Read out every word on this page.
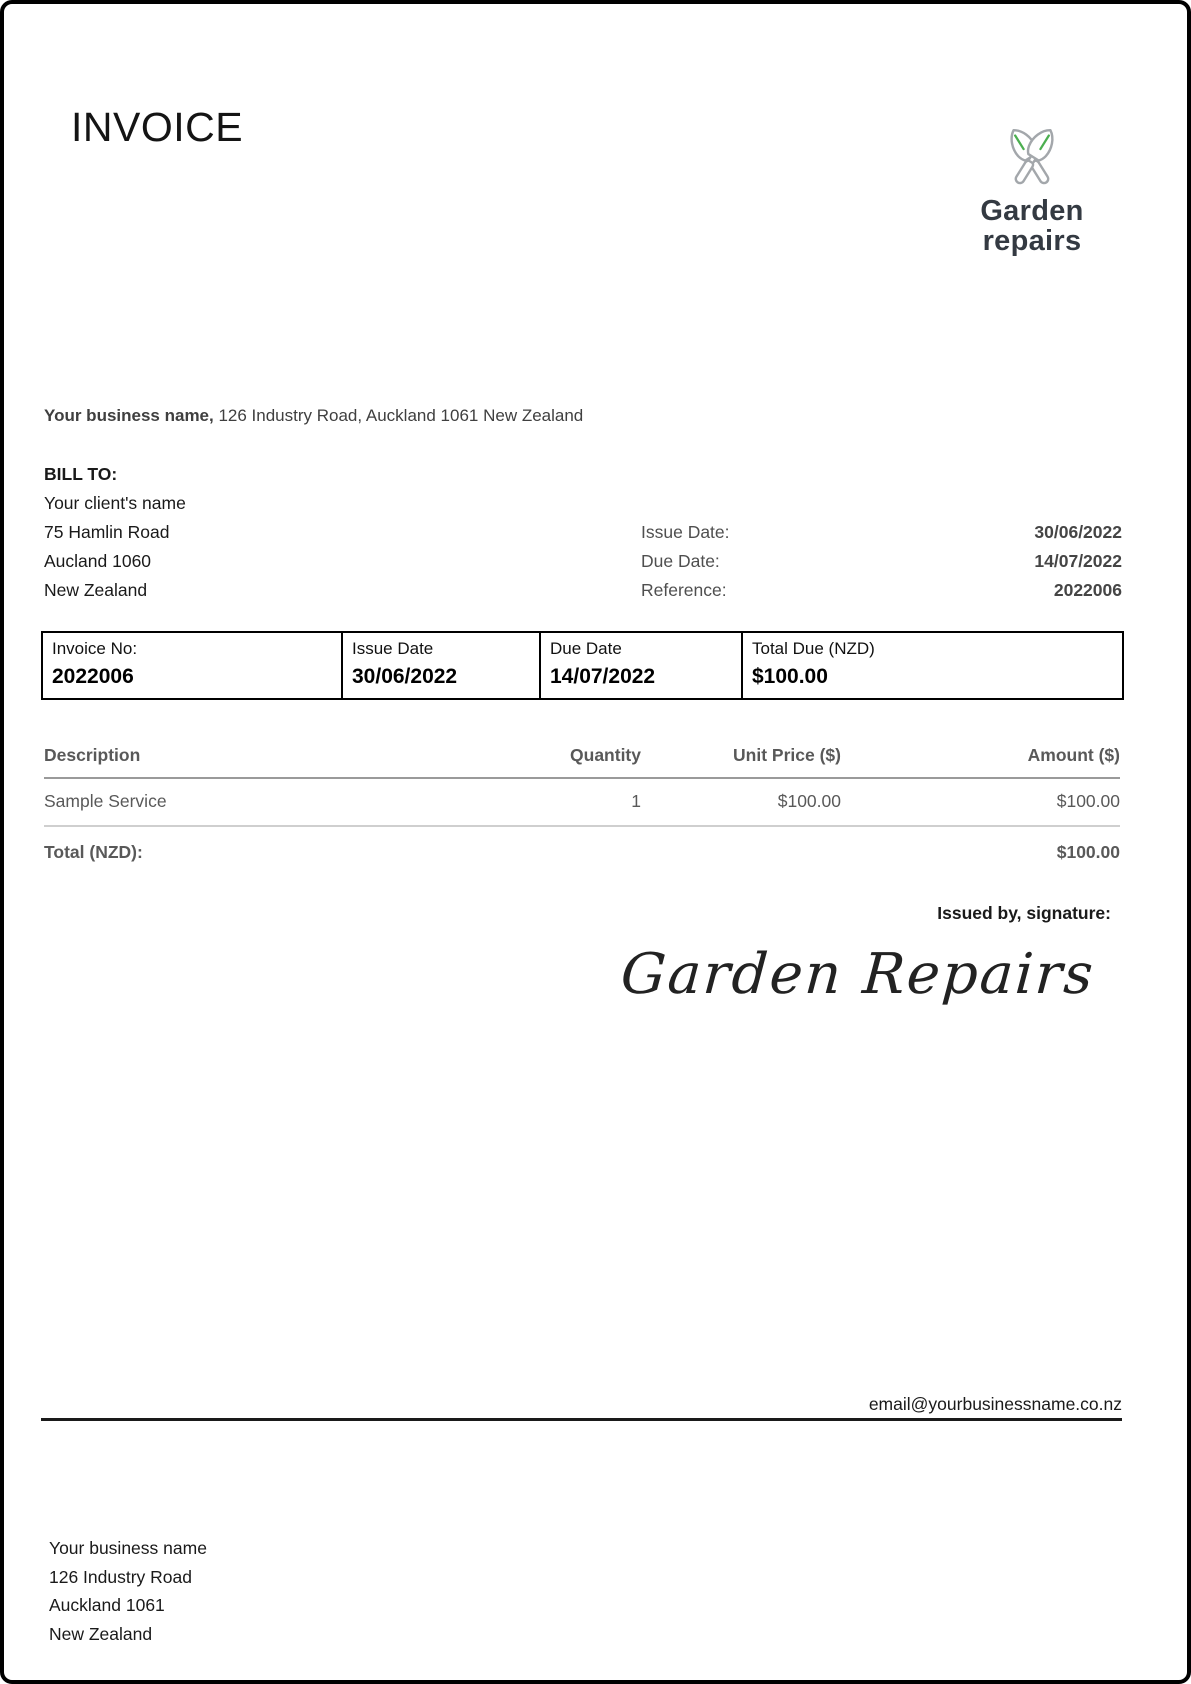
INVOICE
Garden
repairs

Your business name, 126 Industry Road, Auckland 1061 New Zealand

BILL TO:
Your client's name
75 Hamlin Road
Aucland 1060
New Zealand
Issue Date:	30/06/2022
Due Date:	14/07/2022
Reference:	2022006
Invoice No:
2022006

Issue Date
30/06/2022

Due Date
14/07/2022

Total Due (NZD)
$100.00
Description	Quantity	Unit Price ($)	Amount ($)
Sample Service	1	$100.00	$100.00
Total (NZD):	$100.00
Issued by, signature:
Garden Repairs
email@yourbusinessname.co.nz
Your business name
126 Industry Road
Auckland 1061
New Zealand
